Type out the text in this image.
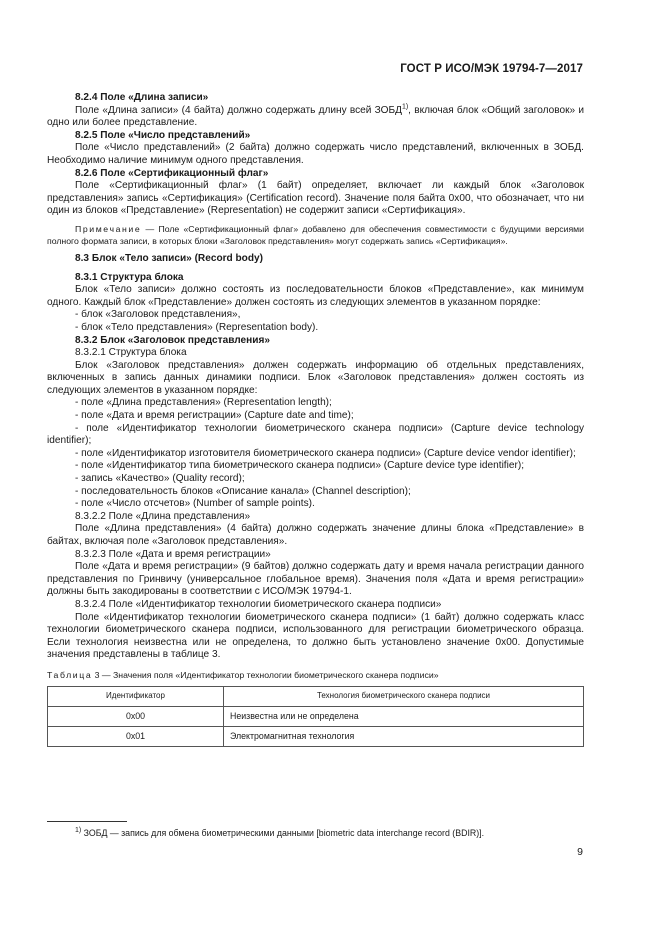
ГОСТ Р ИСО/МЭК 19794-7—2017

8.2.4 Поле «Длина записи»

Поле «Длина записи» (4 байта) должно содержать длину всей ЗОБД$^{1)}$, включая блок «Общий заголовок» и одно или более представление.

8.2.5 Поле «Число представлений»

Поле «Число представлений» (2 байта) должно содержать число представлений, включенных в ЗОБД. Необходимо наличие минимум одного представления.

8.2.6 Поле «Сертификационный флаг»

Поле «Сертификационный флаг» (1 байт) определяет, включает ли каждый блок «Заголовок представления» запись «Сертификация» (Certification record). Значение поля байта 0x00, что обозначает, что ни один из блоков «Представление» (Representation) не содержит записи «Сертификация».

Примечание — Поле «Сертификационный флаг» добавлено для обеспечения совместимости с будущими версиями полного формата записи, в которых блоки «Заголовок представления» могут содержать запись «Сертификация».

8.3 Блок «Тело записи» (Record body)

8.3.1 Структура блока

Блок «Тело записи» должно состоять из последовательности блоков «Представление», как минимум одного. Каждый блок «Представление» должен состоять из следующих элементов в указанном порядке:

- блок «Заголовок представления»,

- блок «Тело представления» (Representation body).

8.3.2 Блок «Заголовок представления»

8.3.2.1 Структура блока

Блок «Заголовок представления» должен содержать информацию об отдельных представлениях, включенных в запись данных динамики подписи. Блок «Заголовок представления» должен состоять из следующих элементов в указанном порядке:

- поле «Длина представления» (Representation length);

- поле «Дата и время регистрации» (Capture date and time);

- поле «Идентификатор технологии биометрического сканера подписи» (Capture device technology identifier);

- поле «Идентификатор изготовителя биометрического сканера подписи» (Capture device vendor identifier);

- поле «Идентификатор типа биометрического сканера подписи» (Capture device type identifier);

- запись «Качество» (Quality record);

- последовательность блоков «Описание канала» (Channel description);

- поле «Число отсчетов» (Number of sample points).

8.3.2.2 Поле «Длина представления»

Поле «Длина представления» (4 байта) должно содержать значение длины блока «Представление» в байтах, включая поле «Заголовок представления».

8.3.2.3 Поле «Дата и время регистрации»

Поле «Дата и время регистрации» (9 байтов) должно содержать дату и время начала регистрации данного представления по Гринвичу (универсальное глобальное время). Значения поля «Дата и время регистрации» должны быть закодированы в соответствии с ИСО/МЭК 19794-1.

8.3.2.4 Поле «Идентификатор технологии биометрического сканера подписи»

Поле «Идентификатор технологии биометрического сканера подписи» (1 байт) должно содержать класс технологии биометрического сканера подписи, использованного для регистрации биометрического образца. Если технология неизвестна или не определена, то должно быть установлено значение 0x00. Допустимые значения представлены в таблице 3.

Таблица 3 — Значения поля «Идентификатор технологии биометрического сканера подписи»

Идентификатор	Технология биометрического сканера подписи
0x00	Неизвестна или не определена
0x01	Электромагнитная технология
$^{1)}$ ЗОБД — запись для обмена биометрическими данными [biometric data interchange record (BDIR)].
9
